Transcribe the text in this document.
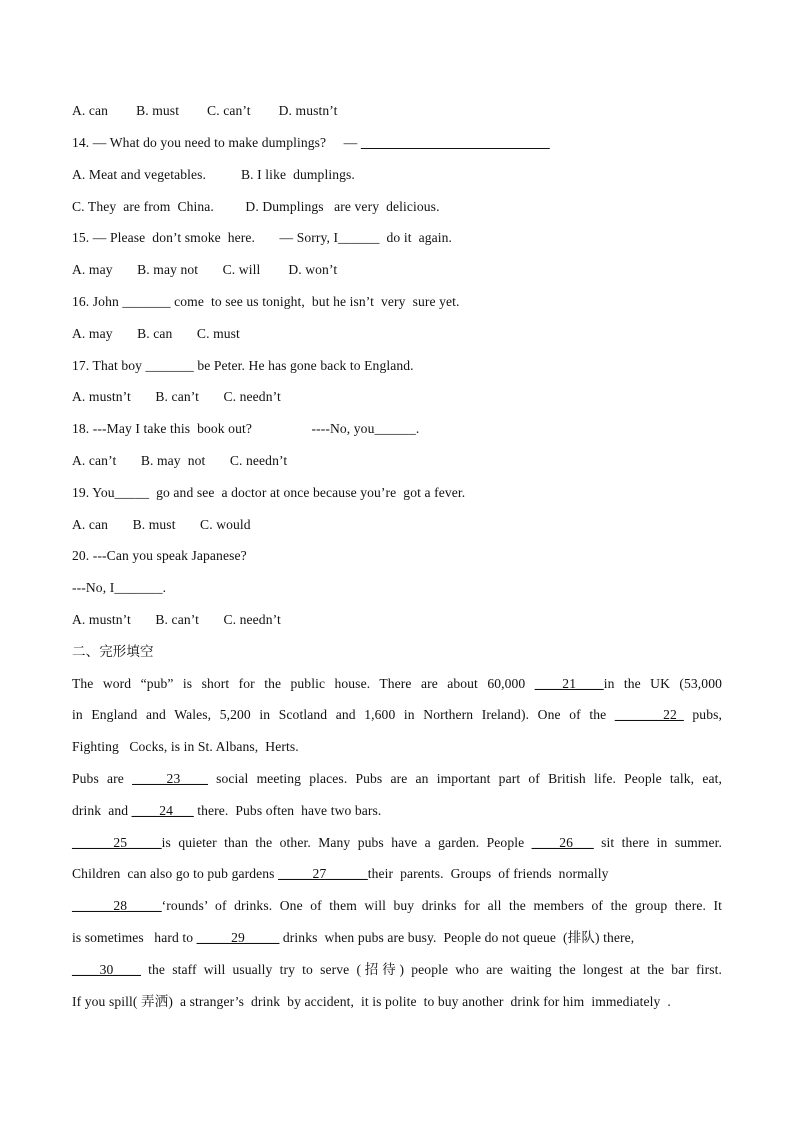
A. can        B. must        C. can’t        D. mustn’t
14. — What do you need to make dumplings?     —
A. Meat and vegetables.          B. I like  dumplings.
C. They  are from  China.         D. Dumplings   are very  delicious.
15. — Please  don’t smoke  here.       — Sorry, I______  do it  again.
A. may       B. may not       C. will        D. won’t
16. John _______ come  to see us tonight,  but he isn’t  very  sure yet.
A. may       B. can       C. must
17. That boy _______ be Peter. He has gone back to England.
A. mustn’t       B. can’t       C. needn’t
18. ---May I take this  book out?                 ----No, you______.
A. can’t       B. may  not       C. needn’t
19. You_____  go and see  a doctor at once because you’re  got a fever.
A. can       B. must       C. would
20. ---Can you speak Japanese?
---No, I_______.
A. mustn’t       B. can’t       C. needn’t
二、完形填空
The word “pub” is short for the public house. There are about 60,000 ____21____in the UK (53,000
in England and Wales, 5,200 in Scotland and 1,600 in Northern Ireland). One of the _______22_ pubs,
Fighting   Cocks, is in St. Albans,  Herts.
Pubs are _____23____ social meeting places. Pubs are an important part of British life. People talk, eat,
drink  and ____24___ there.  Pubs often  have two bars.
______25_____is quieter than the other. Many pubs have a garden. People ____26___ sit there in summer.
Children  can also go to pub gardens _____27______their  parents.  Groups  of friends  normally
______28_____‘rounds’ of drinks. One of them will buy drinks for all the members of the group there. It
is sometimes   hard to _____29_____ drinks  when pubs are busy.  People do not queue  (排队) there,
____30____ the staff will usually try to serve (招待) people who are waiting the longest at the bar first.
If you spill( 弄洒)  a stranger’s  drink  by accident,  it is polite  to buy another  drink for him  immediately  .
